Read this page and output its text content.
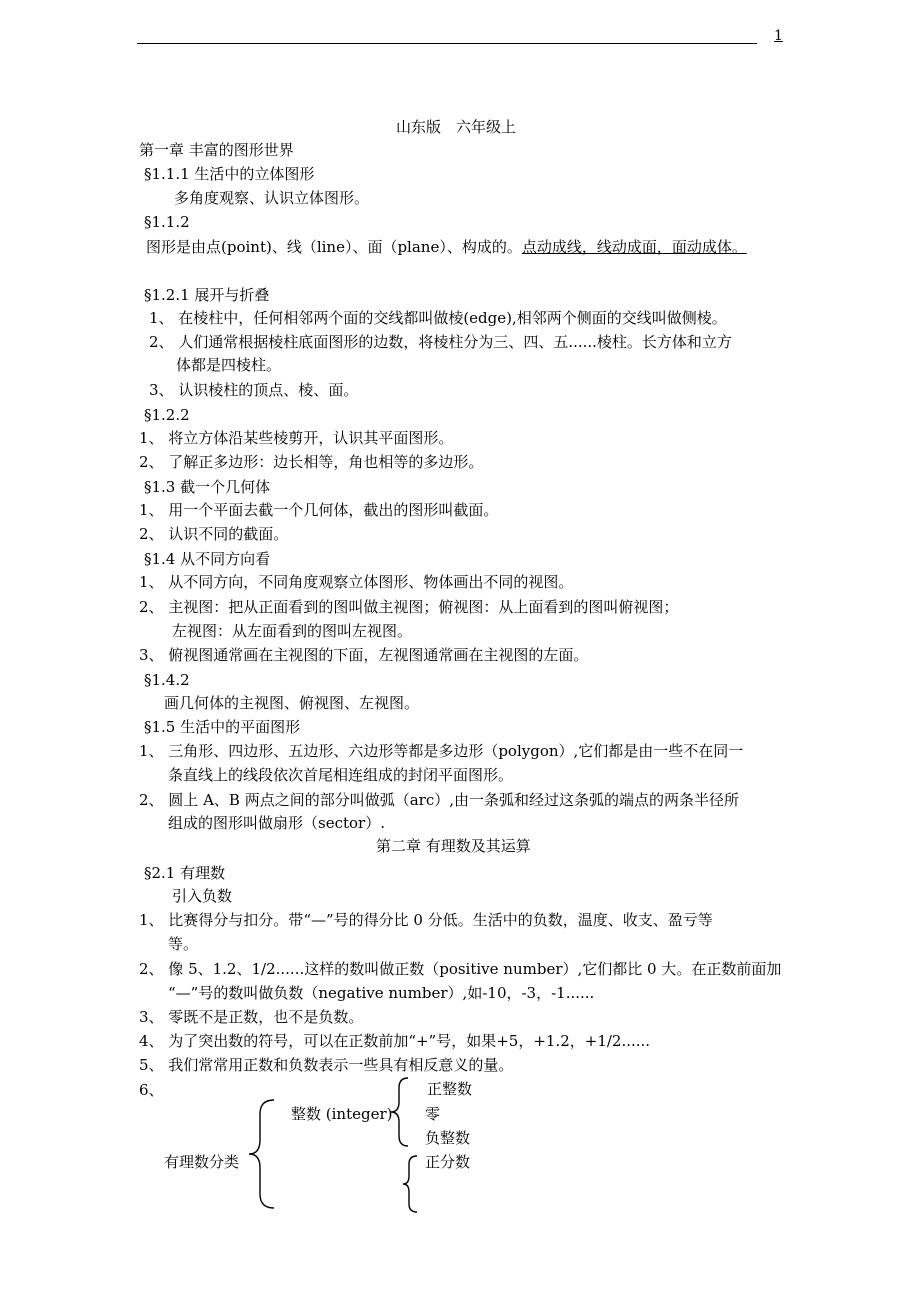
1
山东版　六年级上
第一章 丰富的图形世界
§1.1.1 生活中的立体图形
多角度观察、认识立体图形。
§1.1.2
图形是由点(point)、线（line）、面（plane）、构成的。点动成线，线动成面，面动成体。
§1.2.1 展开与折叠
1、 在棱柱中，任何相邻两个面的交线都叫做棱(edge),相邻两个侧面的交线叫做侧棱。
2、 人们通常根据棱柱底面图形的边数，将棱柱分为三、四、五......棱柱。长方体和立方
体都是四棱柱。
3、 认识棱柱的顶点、棱、面。
§1.2.2
1、 将立方体沿某些棱剪开，认识其平面图形。
2、 了解正多边形：边长相等，角也相等的多边形。
§1.3 截一个几何体
1、 用一个平面去截一个几何体，截出的图形叫截面。
2、 认识不同的截面。
§1.4 从不同方向看
1、 从不同方向，不同角度观察立体图形、物体画出不同的视图。
2、 主视图：把从正面看到的图叫做主视图；俯视图：从上面看到的图叫俯视图；
左视图：从左面看到的图叫左视图。
3、 俯视图通常画在主视图的下面，左视图通常画在主视图的左面。
§1.4.2
画几何体的主视图、俯视图、左视图。
§1.5 生活中的平面图形
1、 三角形、四边形、五边形、六边形等都是多边形（polygon）,它们都是由一些不在同一
条直线上的线段依次首尾相连组成的封闭平面图形。
2、 圆上 A、B 两点之间的部分叫做弧（arc）,由一条弧和经过这条弧的端点的两条半径所
组成的图形叫做扇形（sector）.
第二章 有理数及其运算
§2.1 有理数
引入负数
1、 比赛得分与扣分。带“—”号的得分比 0 分低。生活中的负数，温度、收支、盈亏等
等。
2、 像 5、1.2、1/2......这样的数叫做正数（positive number）,它们都比 0 大。在正数前面加
“—”号的数叫做负数（negative number）,如-10，-3，-1......
3、 零既不是正数，也不是负数。
4、 为了突出数的符号，可以在正数前加“+”号，如果+5，+1.2，+1/2......
5、 我们常常用正数和负数表示一些具有相反意义的量。
6、
有理数分类
整数 (integer)
正整数
零
负整数
正分数
